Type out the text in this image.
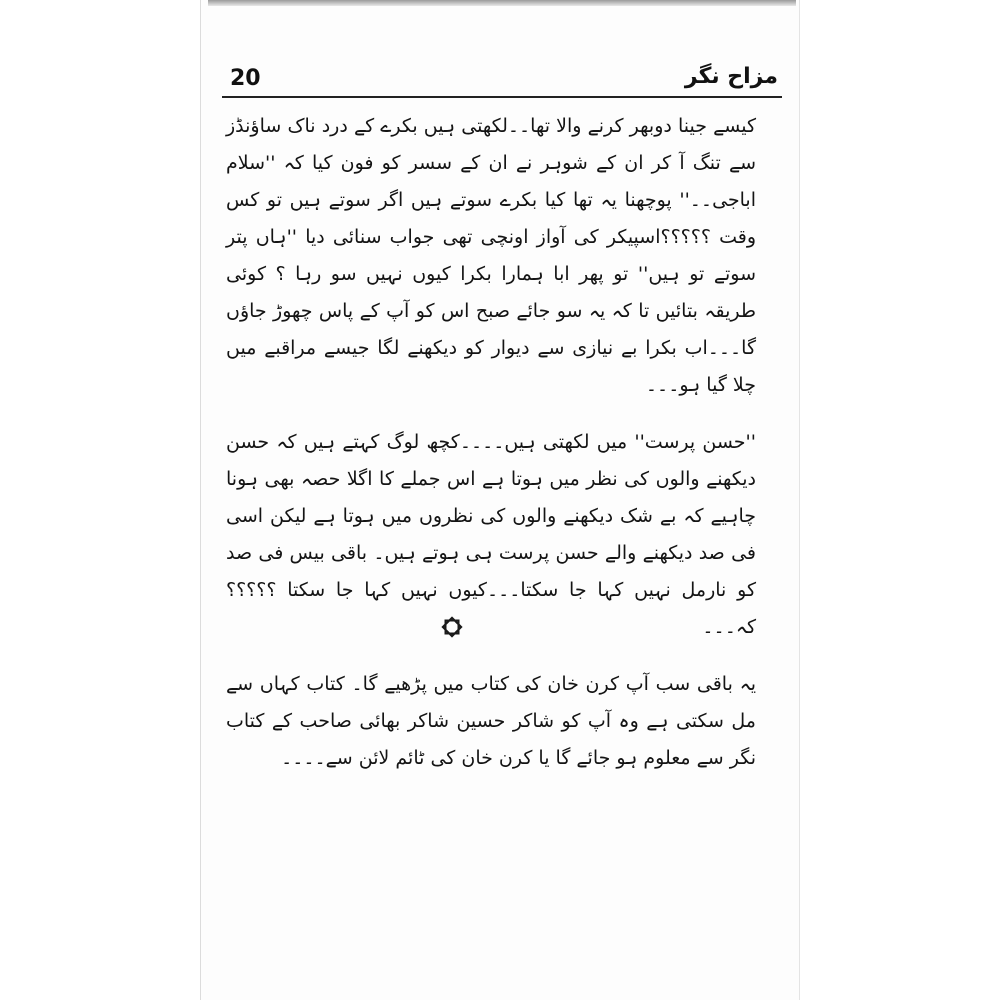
مزاح نگر
20

کیسے جینا دوبھر کرنے والا تھا۔۔لکھتی ہیں بکرے کے درد ناک ساؤنڈز سے تنگ آ کر ان کے شوہر نے ان کے سسر کو فون کیا کہ ''سلام اباجی۔۔'' پوچھنا یہ تھا کیا بکرے سوتے ہیں اگر سوتے ہیں تو کس وقت ؟؟؟؟؟اسپیکر کی آواز اونچی تھی جواب سنائی دیا ''ہاں پتر سوتے تو ہیں'' تو پھر ابا ہمارا بکرا کیوں نہیں سو رہا ؟ کوئی طریقہ بتائیں تا کہ یہ سو جائے صبح اس کو آپ کے پاس چھوڑ جاؤں گا۔۔۔اب بکرا بے نیازی سے دیوار کو دیکھنے لگا جیسے مراقبے میں چلا گیا ہو۔۔۔

''حسن پرست'' میں لکھتی ہیں۔۔۔۔کچھ لوگ کہتے ہیں کہ حسن دیکھنے والوں کی نظر میں ہوتا ہے اس جملے کا اگلا حصہ بھی ہونا چاہیے کہ بے شک دیکھنے والوں کی نظروں میں ہوتا ہے لیکن اسی فی صد دیکھنے والے حسن پرست ہی ہوتے ہیں۔ باقی بیس فی صد کو نارمل نہیں کہا جا سکتا۔۔۔کیوں نہیں کہا جا سکتا ؟؟؟؟؟کہ۔۔۔

یہ باقی سب آپ کرن خان کی کتاب میں پڑھیے گا۔ کتاب کہاں سے مل سکتی ہے وہ آپ کو شاکر حسین شاکر بھائی صاحب کے کتاب نگر سے معلوم ہو جائے گا یا کرن خان کی ٹائم لائن سے۔۔۔۔
